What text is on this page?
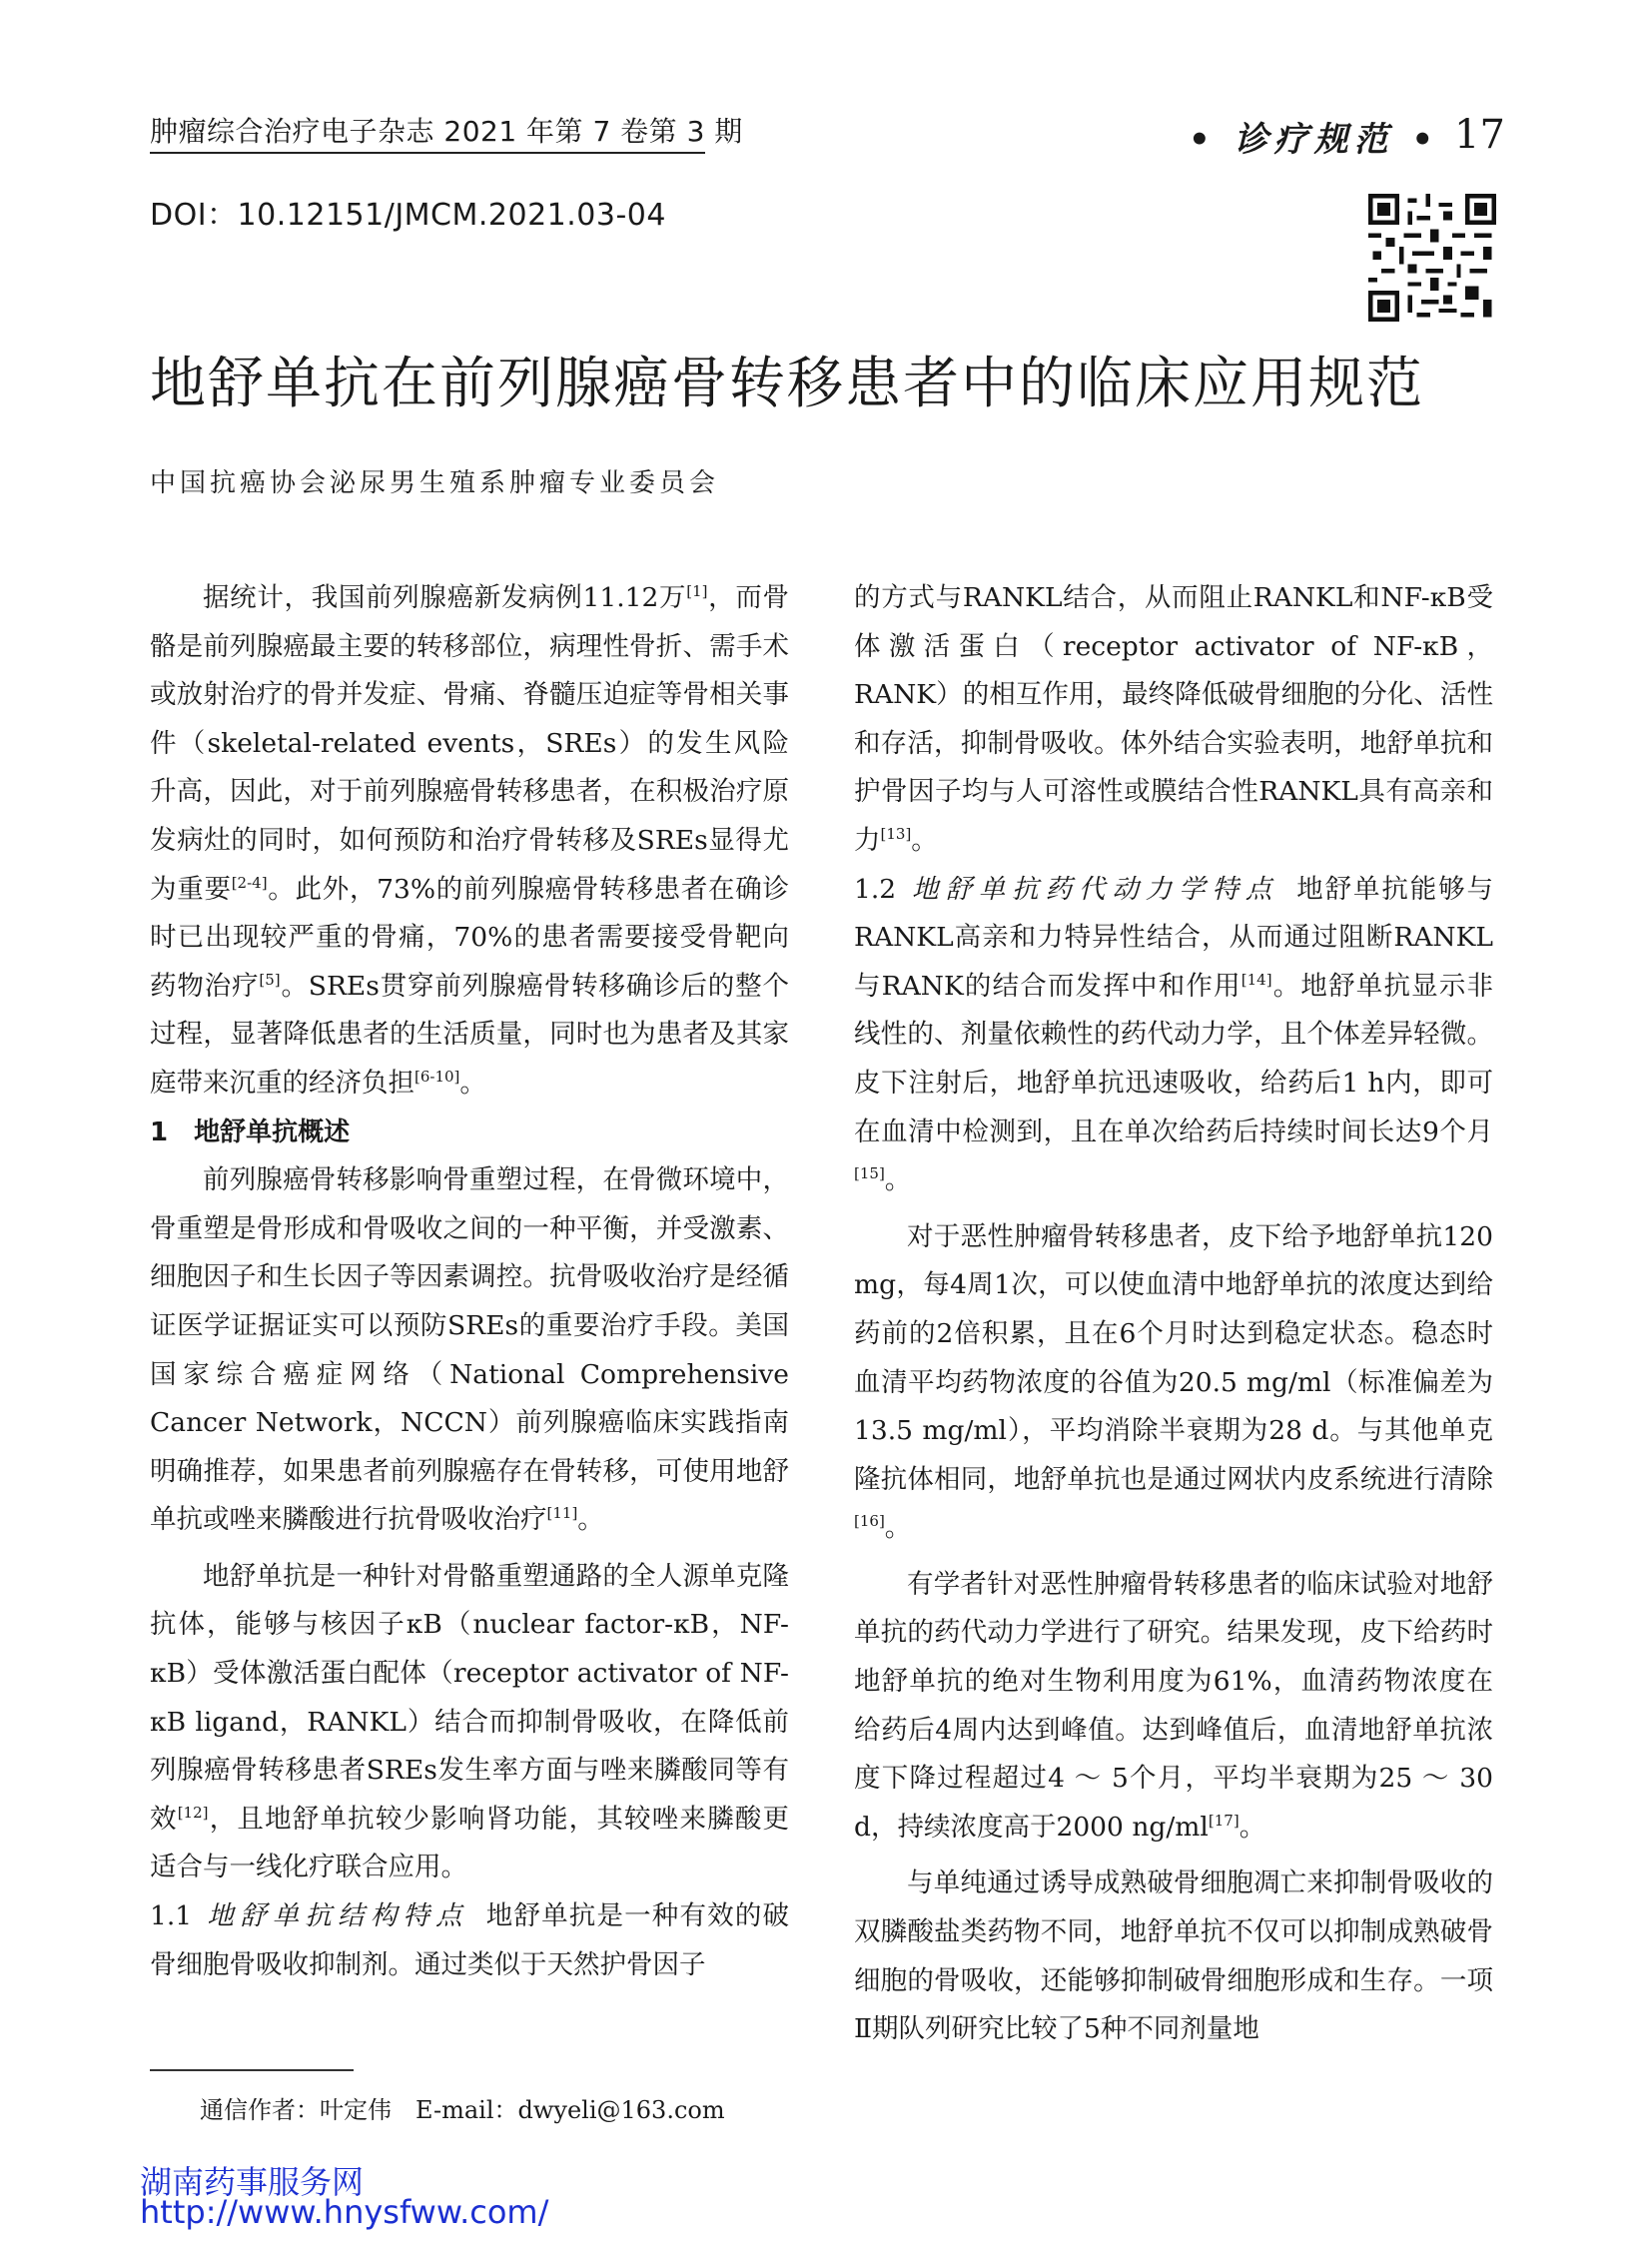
肿瘤综合治疗电子杂志 2021 年第 7 卷第 3 期	• 诊疗规范 • 17
DOI：10.12151/JMCM.2021.03-04
地舒单抗在前列腺癌骨转移患者中的临床应用规范
中国抗癌协会泌尿男生殖系肿瘤专业委员会

据统计，我国前列腺癌新发病例11.12万[1]，而骨骼是前列腺癌最主要的转移部位，病理性骨折、需手术或放射治疗的骨并发症、骨痛、脊髓压迫症等骨相关事件（skeletal-related events，SREs）的发生风险升高，因此，对于前列腺癌骨转移患者，在积极治疗原发病灶的同时，如何预防和治疗骨转移及SREs显得尤为重要[2-4]。此外，73%的前列腺癌骨转移患者在确诊时已出现较严重的骨痛，70%的患者需要接受骨靶向药物治疗[5]。SREs贯穿前列腺癌骨转移确诊后的整个过程，显著降低患者的生活质量，同时也为患者及其家庭带来沉重的经济负担[6-10]。

1　地舒单抗概述

前列腺癌骨转移影响骨重塑过程，在骨微环境中，骨重塑是骨形成和骨吸收之间的一种平衡，并受激素、细胞因子和生长因子等因素调控。抗骨吸收治疗是经循证医学证据证实可以预防SREs的重要治疗手段。美国国家综合癌症网络（National Comprehensive Cancer Network，NCCN）前列腺癌临床实践指南明确推荐，如果患者前列腺癌存在骨转移，可使用地舒单抗或唑来膦酸进行抗骨吸收治疗[11]。

地舒单抗是一种针对骨骼重塑通路的全人源单克隆抗体，能够与核因子κB（nuclear factor-κB，NF-κB）受体激活蛋白配体（receptor activator of NF-κB ligand，RANKL）结合而抑制骨吸收，在降低前列腺癌骨转移患者SREs发生率方面与唑来膦酸同等有效[12]，且地舒单抗较少影响肾功能，其较唑来膦酸更适合与一线化疗联合应用。

1.1 地舒单抗结构特点 地舒单抗是一种有效的破骨细胞骨吸收抑制剂。通过类似于天然护骨因子

的方式与RANKL结合，从而阻止RANKL和NF-κB受体激活蛋白（receptor activator of NF-κB，RANK）的相互作用，最终降低破骨细胞的分化、活性和存活，抑制骨吸收。体外结合实验表明，地舒单抗和护骨因子均与人可溶性或膜结合性RANKL具有高亲和力[13]。

1.2 地舒单抗药代动力学特点 地舒单抗能够与RANKL高亲和力特异性结合，从而通过阻断RANKL与RANK的结合而发挥中和作用[14]。地舒单抗显示非线性的、剂量依赖性的药代动力学，且个体差异轻微。皮下注射后，地舒单抗迅速吸收，给药后1 h内，即可在血清中检测到，且在单次给药后持续时间长达9个月[15]。

对于恶性肿瘤骨转移患者，皮下给予地舒单抗120 mg，每4周1次，可以使血清中地舒单抗的浓度达到给药前的2倍积累，且在6个月时达到稳定状态。稳态时血清平均药物浓度的谷值为20.5 mg/ml（标准偏差为13.5 mg/ml），平均消除半衰期为28 d。与其他单克隆抗体相同，地舒单抗也是通过网状内皮系统进行清除[16]。

有学者针对恶性肿瘤骨转移患者的临床试验对地舒单抗的药代动力学进行了研究。结果发现，皮下给药时地舒单抗的绝对生物利用度为61%，血清药物浓度在给药后4周内达到峰值。达到峰值后，血清地舒单抗浓度下降过程超过4 ～ 5个月，平均半衰期为25 ～ 30 d，持续浓度高于2000 ng/ml[17]。

与单纯通过诱导成熟破骨细胞凋亡来抑制骨吸收的双膦酸盐类药物不同，地舒单抗不仅可以抑制成熟破骨细胞的骨吸收，还能够抑制破骨细胞形成和生存。一项Ⅱ期队列研究比较了5种不同剂量地

通信作者：叶定伟　E-mail：dwyeli@163.com
湖南药事服务网
http://www.hnysfww.com/
